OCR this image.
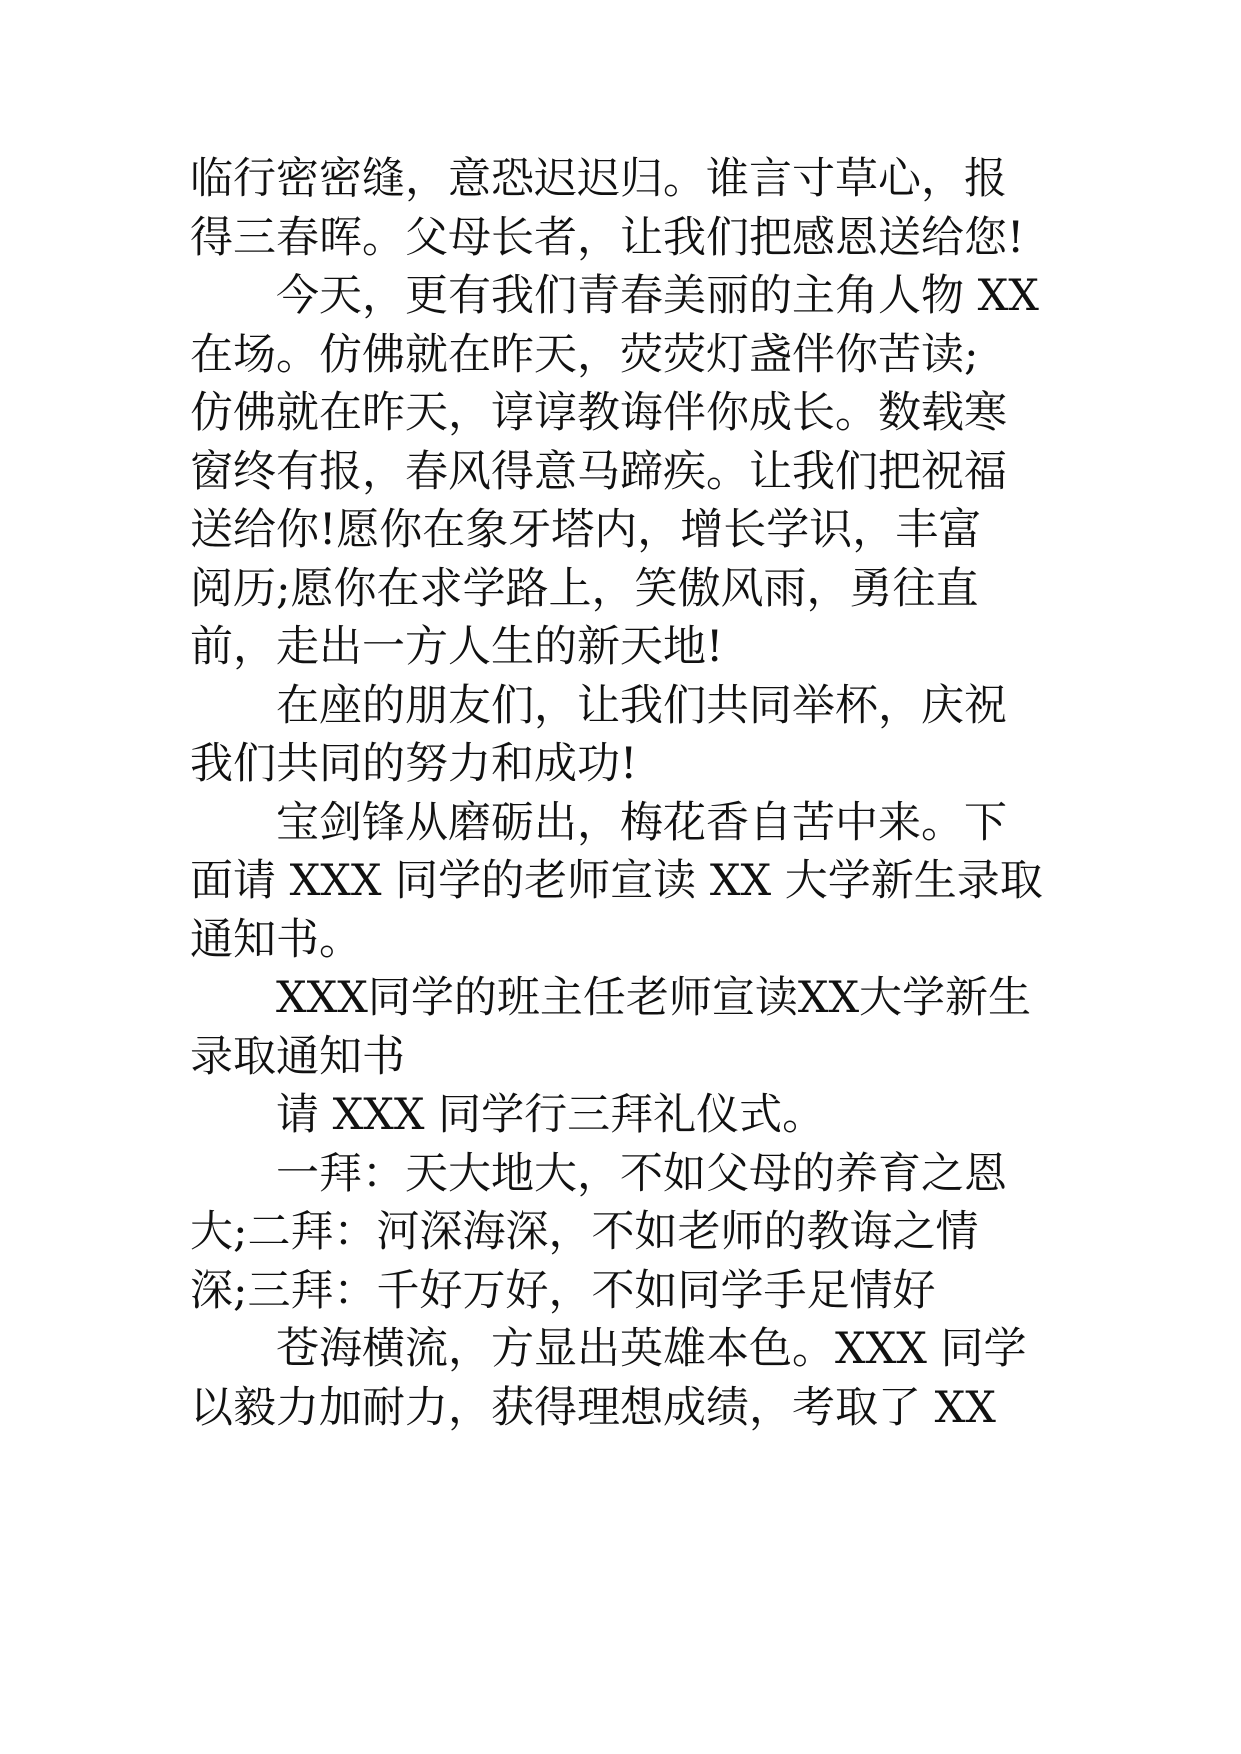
临行密密缝，意恐迟迟归。谁言寸草心，报
得三春晖。父母长者，让我们把感恩送给您!
　　今天，更有我们青春美丽的主角人物 XX
在场。仿佛就在昨天，荧荧灯盏伴你苦读;
仿佛就在昨天，谆谆教诲伴你成长。数载寒
窗终有报，春风得意马蹄疾。让我们把祝福
送给你!愿你在象牙塔内，增长学识，丰富
阅历;愿你在求学路上，笑傲风雨，勇往直
前，走出一方人生的新天地!
　　在座的朋友们，让我们共同举杯，庆祝
我们共同的努力和成功!
　　宝剑锋从磨砺出，梅花香自苦中来。下
面请 XXX 同学的老师宣读 XX 大学新生录取
通知书。
　　XXX同学的班主任老师宣读XX大学新生
录取通知书
　　请 XXX 同学行三拜礼仪式。
　　一拜：天大地大，不如父母的养育之恩
大;二拜：河深海深，不如老师的教诲之情
深;三拜：千好万好，不如同学手足情好
　　苍海横流，方显出英雄本色。XXX 同学
以毅力加耐力，获得理想成绩，考取了 XX
